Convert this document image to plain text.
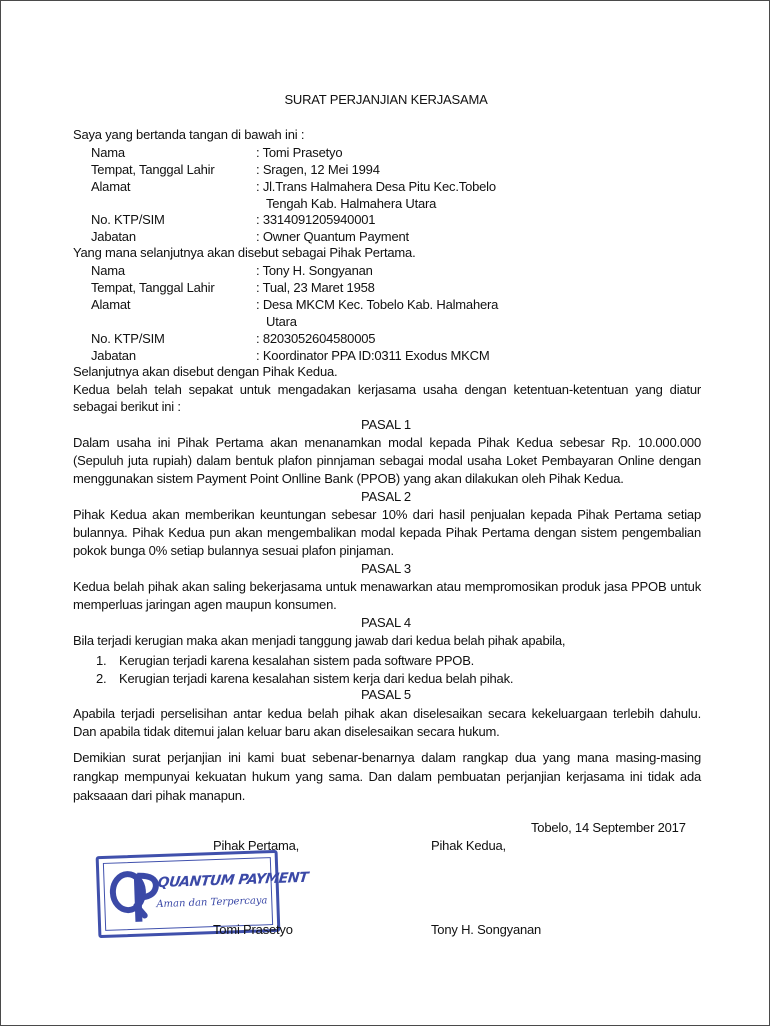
SURAT PERJANJIAN KERJASAMA
Saya yang bertanda tangan di bawah ini :
Nama	: Tomi Prasetyo
Tempat, Tanggal Lahir	: Sragen, 12 Mei 1994
Alamat	: Jl.Trans Halmahera Desa Pitu Kec.Tobelo
Tengah Kab. Halmahera Utara
No. KTP/SIM	: 3314091205940001
Jabatan	: Owner Quantum Payment
Yang mana selanjutnya akan disebut sebagai Pihak Pertama.
Nama	: Tony H. Songyanan
Tempat, Tanggal Lahir	: Tual, 23 Maret 1958
Alamat	: Desa MKCM Kec. Tobelo Kab. Halmahera
Utara
No. KTP/SIM	: 8203052604580005
Jabatan	: Koordinator PPA ID:0311 Exodus MKCM
Selanjutnya akan disebut dengan Pihak Kedua.
Kedua belah telah sepakat untuk mengadakan kerjasama usaha dengan ketentuan-ketentuan yang diatur
sebagai berikut ini :
PASAL 1
Dalam usaha ini Pihak Pertama akan menanamkan modal kepada Pihak Kedua sebesar Rp. 10.000.000
(Sepuluh juta rupiah) dalam bentuk plafon pinnjaman sebagai modal usaha Loket Pembayaran Online dengan
menggunakan sistem Payment Point Onlline Bank (PPOB) yang akan dilakukan oleh Pihak Kedua.
PASAL 2
Pihak Kedua akan memberikan keuntungan sebesar 10% dari hasil penjualan kepada Pihak Pertama setiap
bulannya. Pihak Kedua pun akan mengembalikan modal kepada Pihak Pertama dengan sistem pengembalian
pokok bunga 0% setiap bulannya sesuai plafon pinjaman.
PASAL 3
Kedua belah pihak akan saling bekerjasama untuk menawarkan atau mempromosikan produk jasa PPOB untuk
memperluas jaringan agen maupun konsumen.
PASAL 4
Bila terjadi kerugian maka akan menjadi tanggung jawab dari kedua belah pihak apabila,
1. Kerugian terjadi karena kesalahan sistem pada software PPOB.
2. Kerugian terjadi karena kesalahan sistem kerja dari kedua belah pihak.
PASAL 5
Apabila terjadi perselisihan antar kedua belah pihak akan diselesaikan secara kekeluargaan terlebih dahulu.
Dan apabila tidak ditemui jalan keluar baru akan diselesaikan secara hukum.
Demikian surat perjanjian ini kami buat sebenar-benarnya dalam rangkap dua yang mana masing-masing
rangkap mempunyai kekuatan hukum yang sama. Dan dalam pembuatan perjanjian kerjasama ini tidak ada
paksaaan dari pihak manapun.
Tobelo, 14 September 2017
Pihak Pertama,	Pihak Kedua,
QUANTUM PAYMENT
Aman dan Terpercaya
Tomi Prasetyo	Tony H. Songyanan
